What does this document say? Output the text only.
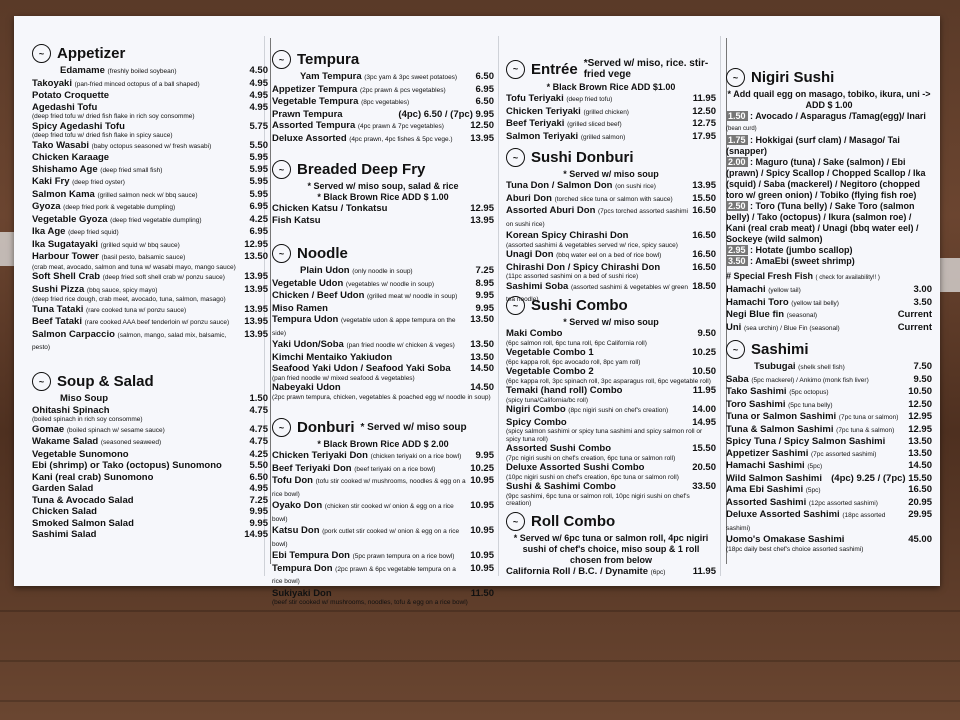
~ Appetizer
Edamame (freshly boiled soybean)	4.50
Takoyaki (pan-fried minced octopus of a ball shaped)	4.95
Potato Croquette	4.95
Agedashi Tofu	4.95
(deep fried tofu w/ dried fish flake in rich soy consomme)
Spicy Agedashi Tofu	5.75
(deep fried tofu w/ dried fish flake in spicy sauce)
Tako Wasabi (baby octopus seasoned w/ fresh wasabi)	5.50
Chicken Karaage	5.95
Shishamo Age (deep fried small fish)	5.95
Kaki Fry (deep fried oyster)	5.95
Salmon Kama (grilled salmon neck w/ bbq sauce)	5.95
Gyoza (deep fried pork & vegetable dumpling)	6.95
Vegetable Gyoza (deep fried vegetable dumpling)	4.25
Ika Age (deep fried squid)	6.95
Ika Sugatayaki (grilled squid w/ bbq sauce)	12.95
Harbour Tower (basil pesto, balsamic sauce)	13.50
(crab meat, avocado, salmon and tuna w/ wasabi mayo, mango sauce)
Soft Shell Crab (deep fried soft shell crab w/ ponzu sauce) 13.95
Sushi Pizza (bbq sauce, spicy mayo)	13.95
(deep fried rice dough, crab meet, avocado, tuna, salmon, masago)
Tuna Tataki (rare cooked tuna w/ ponzu sauce)	13.95
Beef Tataki (rare cooked AAA beef tenderloin w/ ponzu sauce) 13.95
Salmon Carpaccio (salmon, mango, salad mix, balsamic, pesto)
13.95
~ Soup & Salad
Miso Soup	1.50
Ohitashi Spinach	4.75
(boiled spinach in rich soy consomme)
Gomae (boiled spinach w/ sesame sauce)	4.75
Wakame Salad (seasoned seaweed)	4.75
Vegetable Sunomono	4.25
Ebi (shrimp) or Tako (octopus) Sunomono	5.50
Kani (real crab) Sunomono	6.50
Garden Salad	4.95
Tuna & Avocado Salad	7.25
Chicken Salad	9.95
Smoked Salmon Salad	9.95
Sashimi Salad	14.95
~ Tempura
Yam Tempura (3pc yam & 3pc sweet potatoes) 6.50
Appetizer Tempura (2pc prawn & pcs vegetables)	6.95
Vegetable Tempura (8pc vegetables)	6.50
Prawn Tempura	(4pc) 6.50 / (7pc) 9.95
Assorted Tempura (4pc prawn & 7pc vegetables)	12.50
Deluxe Assorted (4pc prawn, 4pc fishes & 5pc vege.) 13.95
~ Breaded Deep Fry
* Served w/ miso soup, salad & rice
* Black Brown Rice ADD $ 1.00
Chicken Katsu / Tonkatsu	12.95
Fish Katsu	13.95
~ Noodle
Plain Udon (only noodle in soup)	7.25
Vegetable Udon (vegetables w/ noodle in soup)	8.95
Chicken / Beef Udon (grilled meat w/ noodle in soup) 9.95
Miso Ramen	9.95
Tempura Udon (vegetable udon & appe tempura on the side)
13.50
Yaki Udon/Soba (pan fried noodle w/ chicken & veges) 13.50
Kimchi Mentaiko Yakiudon	13.50
Seafood Yaki Udon / Seafood Yaki Soba 14.50
(pan fried noodle w/ mixed seafood & vegetables)
Nabeyaki Udon	14.50
(2pc prawn tempura, chicken, vegetables & poached egg w/ noodle in soup)
~ Donburi * Served w/ miso soup
* Black Brown Rice ADD $ 2.00
Chicken Teriyaki Don (chicken teriyaki on a rice bowl) 9.95
Beef Teriyaki Don (beef teriyaki on a rice bowl)	10.25
Tofu Don (tofu stir cooked w/ mushrooms, noodles & egg on a rice bowl)
10.95
Oyako Don (chicken stir cooked w/ onion & egg on a rice bowl)
10.95
Katsu Don (pork cutlet stir cooked w/ onion & egg on a rice bowl)
10.95
Ebi Tempura Don (5pc prawn tempura on a rice bowl) 10.95
Tempura Don (2pc prawn & 6pc vegetable tempura on a rice bowl)
10.95
Sukiyaki Don	11.50
(beef stir cooked w/ mushrooms, noodles, tofu & egg on a rice bowl)
~ Entrée *Served w/ miso, rice. stir-fried vege
* Black Brown Rice ADD $1.00
Tofu Teriyaki (deep fried tofu)	11.95
Chicken Teriyaki (grilled chicken)	12.50
Beef Teriyaki (grilled sliced beef)	12.75
Salmon Teriyaki (grilled salmon)	17.95
~ Sushi Donburi
* Served w/ miso soup
Tuna Don / Salmon Don (on sushi rice)	13.95
Aburi Don (torched slice tuna or salmon with sauce) 15.50
Assorted Aburi Don (7pcs torched assorted sashimi on sushi rice)
16.50
Korean Spicy Chirashi Don	16.50
(assorted sashimi & vegetables served w/ rice, spicy sauce)
Unagi Don (bbq water eel on a bed of rice bowl)	16.50
Chirashi Don / Spicy Chirashi Don	16.50
(11pc assorted sashimi on a bed of sushi rice)
Sashimi Soba (assorted sashimi & vegetables w/ green tea noodle)
18.50
~ Sushi Combo
* Served w/ miso soup
Maki Combo	9.50
(6pc salmon roll, 6pc tuna roll, 6pc California roll)
Vegetable Combo 1	10.25
(6pc kappa roll, 6pc avocado roll, 8pc yam roll)
Vegetable Combo 2	10.50
(6pc kappa roll, 3pc spinach roll, 3pc asparagus roll, 6pc vegetable roll)
Temaki (hand roll) Combo	11.95
(spicy tuna/California/bc roll)
Nigiri Combo (8pc nigiri sushi on chef's creation)	14.00
Spicy Combo	14.95
(spicy salmon sashimi or spicy tuna sashimi and spicy salmon roll or spicy tuna roll)
Assorted Sushi Combo	15.50
(7pc nigiri sushi on chef's creation, 6pc tuna or salmon roll)
Deluxe Assorted Sushi Combo	20.50
(10pc nigiri sushi on chef's creation, 6pc tuna or salmon roll)
Sushi & Sashimi Combo	33.50
(9pc sashimi, 6pc tuna or salmon roll, 10pc nigiri sushi on chef's creation)
~ Roll Combo
* Served w/ 6pc tuna or salmon roll, 4pc nigiri sushi of chef's choice, miso soup & 1 roll chosen from below
California Roll / B.C. / Dynamite (6pc)	11.95
~ Nigiri Sushi
* Add quail egg on masago, tobiko, ikura, uni -> ADD $ 1.00
1.50 : Avocado / Asparagus /Tamag(egg)/ Inari (bean curd)
1.75 : Hokkigai (surf clam) / Masago/ Tai (snapper)
2.00 : Maguro (tuna) / Sake (salmon) / Ebi (prawn) / Spicy Scallop / Chopped Scallop / Ika (squid) / Saba (mackerel) / Negitoro (chopped toro w/ green onion) / Tobiko (flying fish roe)
2.50 : Toro (Tuna belly) / Sake Toro (salmon belly) / Tako (octopus) / Ikura (salmon roe) / Kani (real crab meat) / Unagi (bbq water eel) / Sockeye (wild salmon)
2.95 : Hotate (jumbo scallop)
3.50 : AmaEbi (sweet shrimp)
# Special Fresh Fish ( check for availability!! )
Hamachi (yellow tail)	3.00
Hamachi Toro (yellow tail belly)	3.50
Negi Blue fin (seasonal)	Current
Uni (sea urchin) / Blue Fin (seasonal)	Current
~ Sashimi
Tsubugai (shelk shell fish)	7.50
Saba (5pc mackerel) / Ankimo (monk fish liver)	9.50
Tako Sashimi (5pc octopus)	10.50
Toro Sashimi (5pc tuna belly)	12.50
Tuna or Salmon Sashimi (7pc tuna or salmon) 12.95
Tuna & Salmon Sashimi (7pc tuna & salmon) 12.95
Spicy Tuna / Spicy Salmon Sashimi 13.50
Appetizer Sashimi (7pc assorted sashimi)	13.50
Hamachi Sashimi (5pc)	14.50
Wild Salmon Sashimi (4pc) 9.25 / (7pc) 15.50
Ama Ebi Sashimi (5pc)	16.50
Assorted Sashimi (12pc assorted sashimi)	20.95
Deluxe Assorted Sashimi (18pc assorted sashimi)
29.95
Uomo's Omakase Sashimi	45.00
(18pc daily best chef's choice assorted sashimi)
